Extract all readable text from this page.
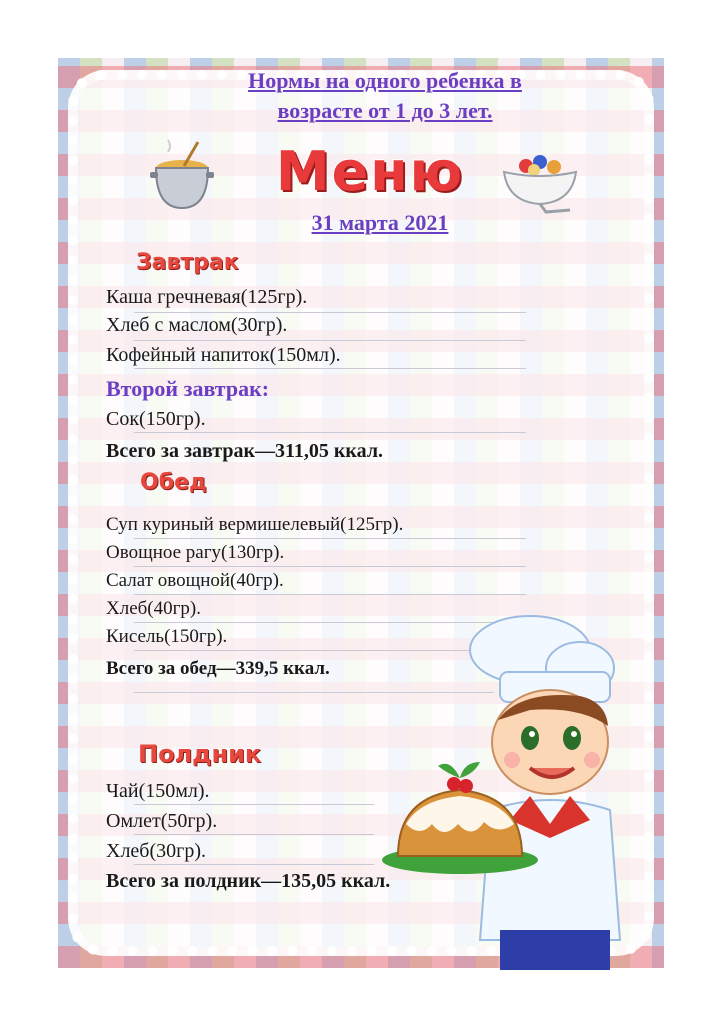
Нормы на одного ребенка в
возрасте от 1 до 3 лет.
Меню
31 марта 2021
Завтрак
Каша гречневая(125гр).
Хлеб с маслом(30гр).
Кофейный напиток(150мл).
Второй завтрак:
Сок(150гр).
Всего за завтрак—311,05 ккал.
Обед
Суп куриный вермишелевый(125гр).
Овощное рагу(130гр).
Салат овощной(40гр).
Хлеб(40гр).
Кисель(150гр).
Всего за обед—339,5 ккал.
Полдник
Чай(150мл).
Омлет(50гр).
Хлеб(30гр).
Всего за полдник—135,05 ккал.
